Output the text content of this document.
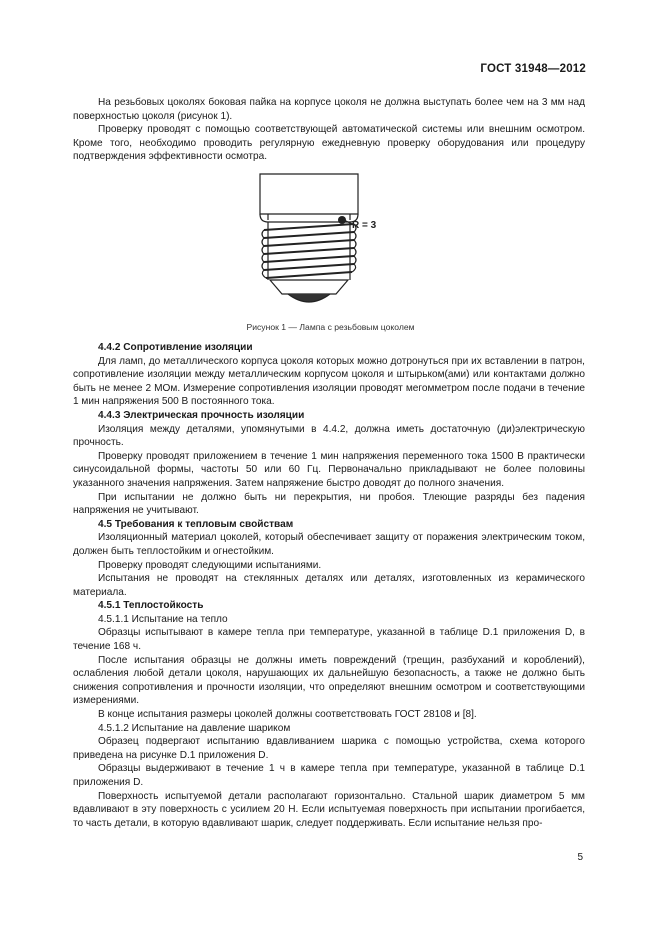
ГОСТ 31948—2012

На резьбовых цоколях боковая пайка на корпусе цоколя не должна выступать более чем на 3 мм над поверхностью цоколя (рисунок 1).

Проверку проводят с помощью соответствующей автоматической системы или внешним осмотром. Кроме того, необходимо проводить регулярную ежедневную проверку оборудования или процедуру подтверждения эффективности осмотра.

R = 3
Рисунок 1 — Лампа с резьбовым цоколем

4.4.2 Сопротивление изоляции

Для ламп, до металлического корпуса цоколя которых можно дотронуться при их вставлении в патрон, сопротивление изоляции между металлическим корпусом цоколя и штырьком(ами) или контактами должно быть не менее 2 МОм. Измерение сопротивления изоляции проводят мегомметром после подачи в течение 1 мин напряжения 500 В постоянного тока.

4.4.3 Электрическая прочность изоляции

Изоляция между деталями, упомянутыми в 4.4.2, должна иметь достаточную (ди)электрическую прочность.

Проверку проводят приложением в течение 1 мин напряжения переменного тока 1500 В практически синусоидальной формы, частоты 50 или 60 Гц. Первоначально прикладывают не более половины указанного значения напряжения. Затем напряжение быстро доводят до полного значения.

При испытании не должно быть ни перекрытия, ни пробоя. Тлеющие разряды без падения напряжения не учитывают.

4.5 Требования к тепловым свойствам

Изоляционный материал цоколей, который обеспечивает защиту от поражения электрическим током, должен быть теплостойким и огнестойким.

Проверку проводят следующими испытаниями.

Испытания не проводят на стеклянных деталях или деталях, изготовленных из керамического материала.

4.5.1 Теплостойкость

4.5.1.1 Испытание на тепло

Образцы испытывают в камере тепла при температуре, указанной в таблице D.1 приложения D, в течение 168 ч.

После испытания образцы не должны иметь повреждений (трещин, разбуханий и короблений), ослабления любой детали цоколя, нарушающих их дальнейшую безопасность, а также не должно быть снижения сопротивления и прочности изоляции, что определяют внешним осмотром и соответствующими измерениями.

В конце испытания размеры цоколей должны соответствовать ГОСТ 28108 и [8].

4.5.1.2 Испытание на давление шариком

Образец подвергают испытанию вдавливанием шарика с помощью устройства, схема которого приведена на рисунке D.1 приложения D.

Образцы выдерживают в течение 1 ч в камере тепла при температуре, указанной в таблице D.1 приложения D.

Поверхность испытуемой детали располагают горизонтально. Стальной шарик диаметром 5 мм вдавливают в эту поверхность с усилием 20 Н. Если испытуемая поверхность при испытании прогибается, то часть детали, в которую вдавливают шарик, следует поддерживать. Если испытание нельзя про-

5
